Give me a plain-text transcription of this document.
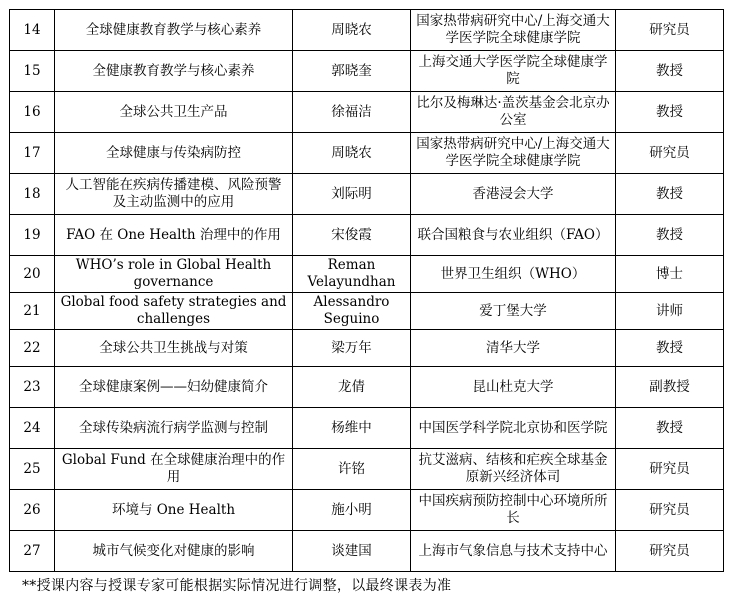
14	全球健康教育教学与核心素养	周晓农	国家热带病研究中心/上海交通大学医学院全球健康学院	研究员
15	全健康教育教学与核心素养	郭晓奎	上海交通大学医学院全球健康学院	教授
16	全球公共卫生产品	徐福洁	比尔及梅琳达·盖茨基金会北京办公室	教授
17	全球健康与传染病防控	周晓农	国家热带病研究中心/上海交通大学医学院全球健康学院	研究员
18	人工智能在疾病传播建模、风险预警及主动监测中的应用	刘际明	香港浸会大学	教授
19	FAO 在 One Health 治理中的作用	宋俊霞	联合国粮食与农业组织（FAO）	教授
20	WHO’s role in Global Health governance	Reman Velayundhan	世界卫生组织（WHO）	博士
21	Global food safety strategies and challenges	Alessandro Seguino	爱丁堡大学	讲师
22	全球公共卫生挑战与对策	梁万年	清华大学	教授
23	全球健康案例——妇幼健康简介	龙倩	昆山杜克大学	副教授
24	全球传染病流行病学监测与控制	杨维中	中国医学科学院北京协和医学院	教授
25	Global Fund 在全球健康治理中的作用	许铭	抗艾滋病、结核和疟疾全球基金原新兴经济体司	研究员
26	环境与 One Health	施小明	中国疾病预防控制中心环境所所长	研究员
27	城市气候变化对健康的影响	谈建国	上海市气象信息与技术支持中心	研究员
**授课内容与授课专家可能根据实际情况进行调整，以最终课表为准
